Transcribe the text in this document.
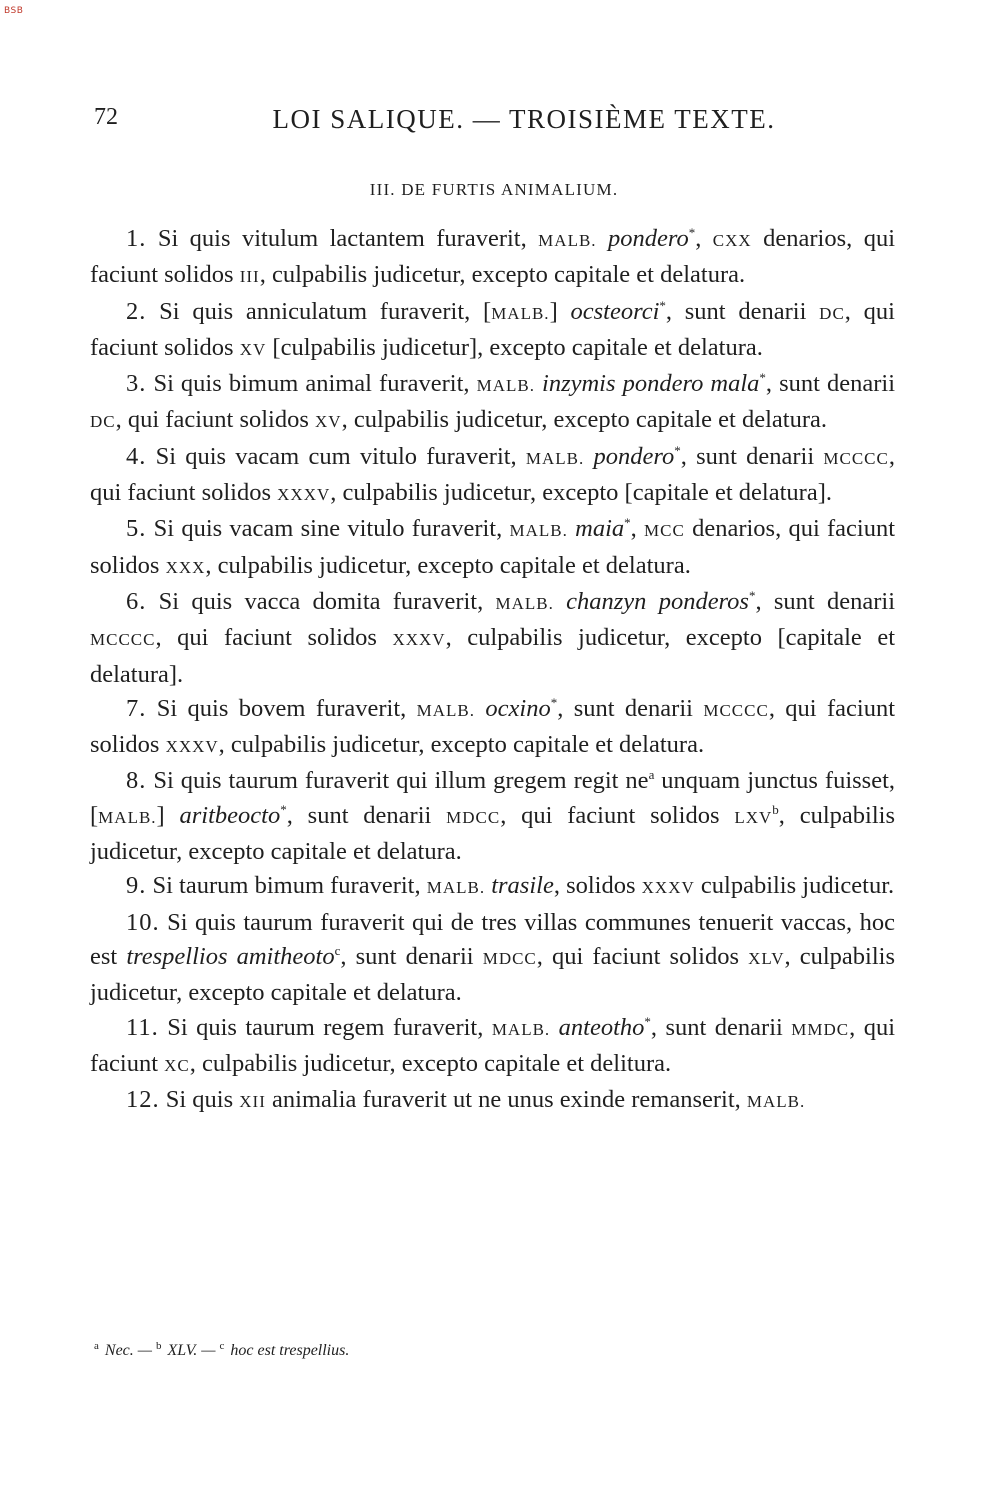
BSB
72	LOI SALIQUE. — TROISIÈME TEXTE.
III. DE FURTIS ANIMALIUM.

1. Si quis vitulum lactantem furaverit, MALB. pondero*, CXX denarios, qui faciunt solidos III, culpabilis judicetur, excepto capitale et delatura.

2. Si quis anniculatum furaverit, [MALB.] ocsteorci*, sunt denarii DC, qui faciunt solidos XV [culpabilis judicetur], excepto capitale et delatura.

3. Si quis bimum animal furaverit, MALB. inzymis pondero mala*, sunt denarii DC, qui faciunt solidos XV, culpabilis judicetur, excepto capitale et delatura.

4. Si quis vacam cum vitulo furaverit, MALB. pondero*, sunt denarii MCCCC, qui faciunt solidos XXXV, culpabilis judicetur, excepto [capitale et delatura].

5. Si quis vacam sine vitulo furaverit, MALB. maia*, MCC denarios, qui faciunt solidos XXX, culpabilis judicetur, excepto capitale et delatura.

6. Si quis vacca domita furaverit, MALB. chanzyn ponderos*, sunt denarii MCCCC, qui faciunt solidos XXXV, culpabilis judicetur, excepto [capitale et delatura].

7. Si quis bovem furaverit, MALB. ocxino*, sunt denarii MCCCC, qui faciunt solidos XXXV, culpabilis judicetur, excepto capitale et delatura.

8. Si quis taurum furaverit qui illum gregem regit $ne^a$ unquam junctus fuisset, [MALB.] aritbeocto*, sunt denarii MDCC, qui faciunt solidos LXV$^b$, culpabilis judicetur, excepto capitale et delatura.

9. Si taurum bimum furaverit, MALB. trasile, solidos XXXV culpabilis judicetur.

10. Si quis taurum furaverit qui de tres villas communes tenuerit vaccas, hoc est trespellios amitheoto$^c$, sunt denarii MDCC, qui faciunt solidos XLV, culpabilis judicetur, excepto capitale et delatura.

11. Si quis taurum regem furaverit, MALB. anteotho*, sunt denarii MMDC, qui faciunt XC, culpabilis judicetur, excepto capitale et delitura.

12. Si quis XII animalia furaverit ut ne unus exinde remanserit, MALB.

$^a$ Nec. — $^b$ XLV. — $^c$ hoc est trespellius.
